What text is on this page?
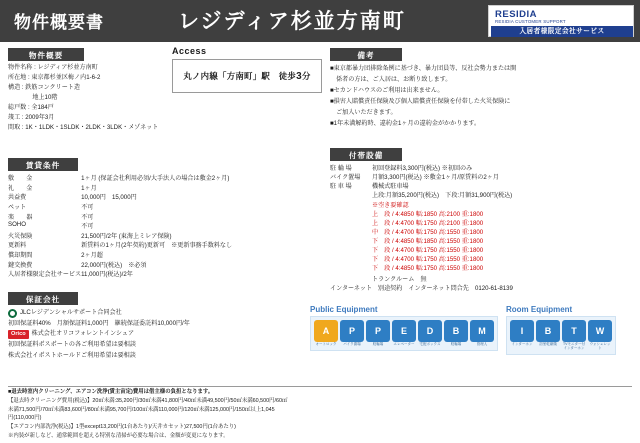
物件概要書	レジディア杉並方南町	RESIDIA
RESIDIA CUSTOMER SUPPORT
入居者様限定会社サービス
物件概要
物件名称 : レジディア杉並方南町
所在地 : 東京都杉並区梅ノ内1-6-2
構造 : 鉄筋コンクリート造
　　　　地上10階
総戸数 : 全184戸
竣工 : 2009年3月
間取 : 1K・1LDK・1SLDK・2LDK・3LDK・メゾネット
賃貸条件
敷　　金	1ヶ月 (保証会社利用必須/大手法人の場合は敷金2ヶ月)
礼　　金	1ヶ月
共益費	10,000円　15,000円
ペット	不可
楽　　器	不可
SOHO	不可
火災保険	21,500円/2年 (東海上ミレア保険)
更新料	新賃料の1ヶ月(2年契約)更新可　※更新事務手数料なし
償却期間	2ヶ月超
鍵交換費	22,000円(税込)　※必須
入居者様限定会社サービス	11,000円(税込)/2年
保証会社
JLCレジデンシャルサポート合同会社
初回保証料40%　月額保証料1,000円　継続保証委託料10,000円/年
Orico 株式会社オリコフォレントインシュア
初回保証料ポスポートの各ご利用希望は要相談
株式会社イポストホールドご利用希望は要相談
Access
丸ノ内線「方南町」駅　徒歩 3 分
備考
■東京都暴力団排除条例に基づき、暴力団員等、反社会勢力または関
　係者の方は、ご入居は、お断り致します。
■セカンドハウスのご利用は出来ません。
■損害人賠償責任保険及び個人賠償責任保険を付帯した火災保険に
　ご加入いただきます。
■1年未満解約時、違約金1ヶ月の違約金がかかります。
付帯設備
駐 輪 場	初回登録料3,300円(税込) ※初回のみ
バイク置場	月額3,300円(税込) ※敷金1ヶ月/原賃料の2ヶ月
駐 車 場	機械式駐車場
上段:月額35,200円(税込)　下段:月額31,900円(税込)
※空き要確認
上　段 / 4:4850 幅:1850 高:2100 重:1800
上　段 / 4:4700 幅:1750 高:2100 重:1800
中　段 / 4:4700 幅:1750 高:1550 重:1800
下　段 / 4:4850 幅:1850 高:1550 重:1800
下　段 / 4:4700 幅:1750 高:1550 重:1800
下　段 / 4:4700 幅:1750 高:1550 重:1800
下　段 / 4:4850 幅:1750 高:1550 重:1800
トランクルーム　無
インターネット 別途契約　インターネット問合先　0120-61-8139
Public Equipment
A
オートロック
P
バイク置場
P
駐輪場
E
エレベーター
D
宅配ボックス
B
駐輪場
M
管理人
Room Equipment
I
インターホン
B
浴室乾燥機
T
TVモニター付インターホン
W
ウォシュレット
■退去時室内クリーニング、エアコン洗浄(賃主宙定)費用は借主様の負担となります。
【退去時クリーニング費用(税込)】20㎡未満:35,200円/30㎡未満41,800円/40㎡未満49,500円/50㎡未満60,500円/60㎡
未満71,500円/70㎡未満83,600円/80㎡未満95,700円/100㎡未満110,000円/120㎡未満125,000円/150㎡以上1,045
円(110,000円)
【エアコン内部洗浄(税込)】1型except13,200円(1台あたり)/天井カセット)27,500円(1台あたり)
※内装が新しなど、通常範囲を超える特別な清掃が必要な場合は、金額が変更になります。
